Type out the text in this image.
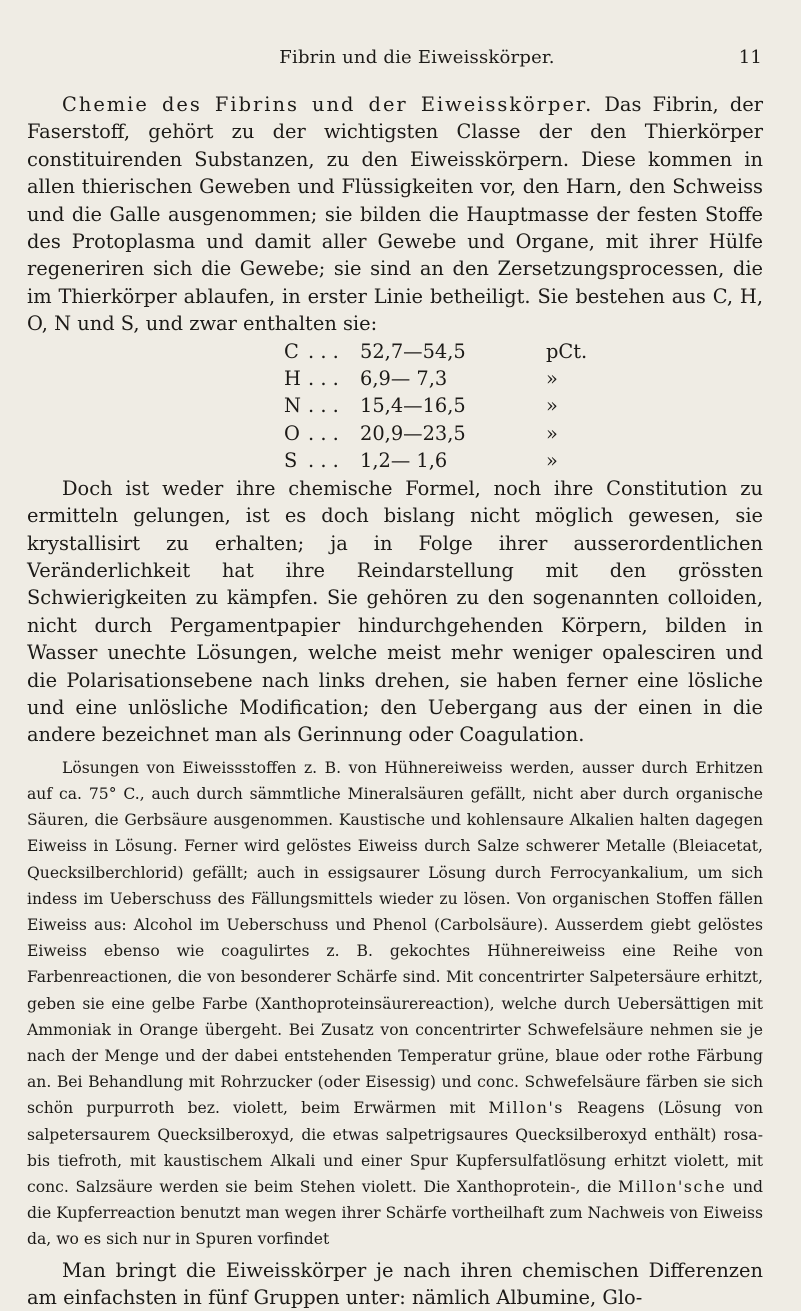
Fibrin und die Eiweisskörper.	11

Chemie des Fibrins und der Eiweisskörper. Das Fibrin, der Faserstoff, gehört zu der wichtigsten Classe der den Thierkörper constituirenden Substanzen, zu den Eiweisskörpern. Diese kommen in allen thierischen Geweben und Flüssigkeiten vor, den Harn, den Schweiss und die Galle ausgenommen; sie bilden die Hauptmasse der festen Stoffe des Protoplasma und damit aller Gewebe und Organe, mit ihrer Hülfe regeneriren sich die Gewebe; sie sind an den Zersetzungsprocessen, die im Thierkörper ablaufen, in erster Linie betheiligt. Sie bestehen aus C, H, O, N und S, und zwar enthalten sie:

C . . .	52,7—54,5	pCt.
H . . .	6,9— 7,3	»
N . . .	15,4—16,5	»
O . . .	20,9—23,5	»
S . . .	1,2— 1,6	»

Doch ist weder ihre chemische Formel, noch ihre Constitution zu ermitteln gelungen, ist es doch bislang nicht möglich gewesen, sie krystallisirt zu erhalten; ja in Folge ihrer ausserordentlichen Veränderlichkeit hat ihre Reindarstellung mit den grössten Schwierigkeiten zu kämpfen. Sie gehören zu den sogenannten colloiden, nicht durch Pergamentpapier hindurchgehenden Körpern, bilden in Wasser unechte Lösungen, welche meist mehr weniger opalesciren und die Polarisationsebene nach links drehen, sie haben ferner eine lösliche und eine unlösliche Modification; den Uebergang aus der einen in die andere bezeichnet man als Gerinnung oder Coagulation.

Lösungen von Eiweissstoffen z. B. von Hühnereiweiss werden, ausser durch Erhitzen auf ca. 75° C., auch durch sämmtliche Mineralsäuren gefällt, nicht aber durch organische Säuren, die Gerbsäure ausgenommen. Kaustische und kohlensaure Alkalien halten dagegen Eiweiss in Lösung. Ferner wird gelöstes Eiweiss durch Salze schwerer Metalle (Bleiacetat, Quecksilberchlorid) gefällt; auch in essigsaurer Lösung durch Ferrocyankalium, um sich indess im Ueberschuss des Fällungsmittels wieder zu lösen. Von organischen Stoffen fällen Eiweiss aus: Alcohol im Ueberschuss und Phenol (Carbolsäure). Ausserdem giebt gelöstes Eiweiss ebenso wie coagulirtes z. B. gekochtes Hühnereiweiss eine Reihe von Farbenreactionen, die von besonderer Schärfe sind. Mit concentrirter Salpetersäure erhitzt, geben sie eine gelbe Farbe (Xanthoproteinsäurereaction), welche durch Uebersättigen mit Ammoniak in Orange übergeht. Bei Zusatz von concentrirter Schwefelsäure nehmen sie je nach der Menge und der dabei entstehenden Temperatur grüne, blaue oder rothe Färbung an. Bei Behandlung mit Rohrzucker (oder Eisessig) und conc. Schwefelsäure färben sie sich schön purpurroth bez. violett, beim Erwärmen mit Millon's Reagens (Lösung von salpetersaurem Quecksilberoxyd, die etwas salpetrigsaures Quecksilberoxyd enthält) rosa- bis tiefroth, mit kaustischem Alkali und einer Spur Kupfersulfatlösung erhitzt violett, mit conc. Salzsäure werden sie beim Stehen violett. Die Xanthoprotein-, die Millon'sche und die Kupferreaction benutzt man wegen ihrer Schärfe vortheilhaft zum Nachweis von Eiweiss da, wo es sich nur in Spuren vorfindet

Man bringt die Eiweisskörper je nach ihren chemischen Differenzen am einfachsten in fünf Gruppen unter: nämlich Albumine, Glo-
